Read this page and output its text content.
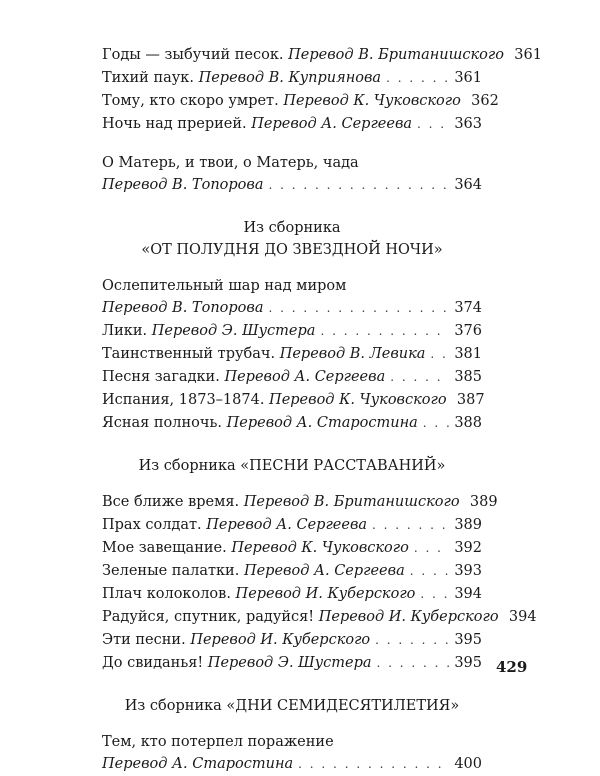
Годы — зыбучий песок. Перевод В. Британишского 361
Тихий паук. Перевод В. Куприянова . . .	361
Тому, кто скоро умрет. Перевод К. Чуковского 362
Ночь над прерией. Перевод А. Сергеева . . .	363
О Матерь, и твои, о Матерь, чада
Перевод В. Топорова . . .	364
Из сборника
«ОТ ПОЛУДНЯ ДО ЗВЕЗДНОЙ НОЧИ»
Ослепительный шар над миром
Перевод В. Топорова . . .	374
Лики. Перевод Э. Шустера . . .	376
Таинственный трубач. Перевод В. Левика . . . 381
Песня загадки. Перевод А. Сергеева . . .	385
Испания, 1873–1874. Перевод К. Чуковского 387
Ясная полночь. Перевод А. Старостина . . .	388
Из сборника «ПЕСНИ РАССТАВАНИЙ»
Все ближе время. Перевод В. Британишского 389
Прах солдат. Перевод А. Сергеева . . .	389
Мое завещание. Перевод К. Чуковского . . .	392
Зеленые палатки. Перевод А. Сергеева . . .	393
Плач колоколов. Перевод И. Куберского . . .	394
Радуйся, спутник, радуйся! Перевод И. Куберского 394
Эти песни. Перевод И. Куберского . . .	395
До свиданья! Перевод Э. Шустера . . .	395
Из сборника «ДНИ СЕМИДЕСЯТИЛЕТИЯ»
Тем, кто потерпел поражение
Перевод А. Старостина . . .	400
429
